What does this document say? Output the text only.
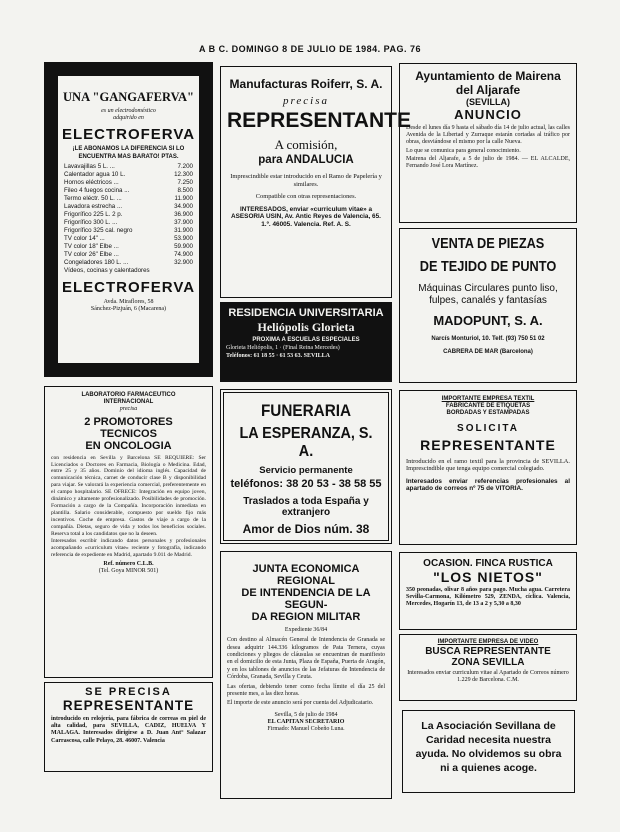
A B C. DOMINGO 8 DE JULIO DE 1984. PAG. 76
UNA "GANGAFERVA"
es un electrodoméstico
adquirido en
ELECTROFERVA
¡LE ABONAMOS LA DIFERENCIA SI LO ENCUENTRA MAS BARATO! PTAS.
Lavavajillas 5 L. ...	7.200
Calentador agua 10 L.	12.300
Hornos eléctricos ...	7.250
Fileo 4 fuegos cocina ...	8.500
Termo eléctr. 50 L. ...	11.900
Lavadora estrecha ...	34.900
Frigorífico 225 L. 2 p.	36.900
Frigorífico 300 L. ...	37.900
Frigorífico 325 cal. negro	31.900
TV color 14" ...	53.900
TV color 18" Elbe ...	59.900
TV color 26" Elbe ...	74.900
Congeladores 180 L. ...	32.900
Vídeos, cocinas y calentadores
ELECTROFERVA
Avda. Miraflores, 58
Sánchez-Pizjuán, 6 (Macarena)
Manufacturas Roiferr, S. A.
precisa
REPRESENTANTE
A comisión,
para ANDALUCIA
Imprescindible estar introducido en el Ramo de Papelería y similares.
Compatible con otras representaciones.
INTERESADOS, enviar «curriculum vitae» a ASESORIA USIN, Av. Antic Reyes de Valencia, 65. 1.º. 46005. Valencia. Ref. A. S.
RESIDENCIA UNIVERSITARIA
Heliópolis Glorieta
PROXIMA A ESCUELAS ESPECIALES
Glorieta Heliópolis, 1 · (Final Reina Mercedes)
Teléfonos: 61 18 55 · 61 53 63. SEVILLA
Ayuntamiento de Mairena
del Aljarafe
(SEVILLA)
ANUNCIO
Desde el lunes día 9 hasta el sábado día 14 de julio actual, las calles Avenida de la Libertad y Zurraque estarán cortadas al tráfico por obras, desviándose el mismo por la calle Nueva.
Lo que se comunica para general conocimiento.
Mairena del Aljarafe, a 5 de julio de 1984. — EL ALCALDE, Fernando José Lora Martínez.
VENTA DE PIEZAS
DE TEJIDO DE PUNTO
Máquinas Circulares punto liso, fulpes, canalés y fantasías
MADOPUNT, S. A.
Narcís Monturiol, 10. Telf. (93) 750 51 02
CABRERA DE MAR (Barcelona)
LABORATORIO FARMACEUTICO
INTERNACIONAL
precisa
2 PROMOTORES
TECNICOS
EN ONCOLOGIA
con residencia en Sevilla y Barcelona SE REQUIERE: Ser Licenciados o Doctores en Farmacia, Biología o Medicina. Edad, entre 25 y 35 años. Dominio del idioma inglés. Capacidad de comunicación técnica, carnet de conducir clase B y disponibilidad para viajar. Se valorará la experiencia comercial, preferentemente en el campo hospitalario. SE OFRECE: Integración en equipo joven, dinámico y altamente profesionalizado. Posibilidades de promoción. Formación a cargo de la Compañía. Incorporación inmediata en plantilla. Salario considerable, compuesto por sueldo fijo más incentivos. Coche de empresa. Gastos de viaje a cargo de la compañía. Dietas, seguro de vida y todos los beneficios sociales. Reserva total a los candidatos que no la deseen.
Interesados escribir indicando datos personales y profesionales acompañando «curriculum vitae» reciente y fotografía, indicando referencia de expediente en Madrid, apartado 9.011 de Madrid.
Ref. número C.L.B.
(Tel. Goya MINOR 501)
FUNERARIA
LA ESPERANZA, S. A.
Servicio permanente
teléfonos: 38 20 53 - 38 58 55
Traslados a toda España y
extranjero
Amor de Dios núm. 38
IMPORTANTE EMPRESA TEXTIL
FABRICANTE DE ETIQUETAS
BORDADAS Y ESTAMPADAS
SOLICITA
REPRESENTANTE
Introducido en el ramo textil para la provincia de SEVILLA. Imprescindible que tenga equipo comercial colegiado.
Interesados enviar referencias profesionales al apartado de correos nº 75 de VITORIA.
JUNTA ECONOMICA REGIONAL
DE INTENDENCIA DE LA SEGUN-
DA REGION MILITAR
Expediente 36/84
Con destino al Almacén General de Intendencia de Granada se desea adquirir 144.336 kilogramos de Pata Ternera, cuyas condiciones y pliegos de cláusulas se encuentran de manifiesto en el domicilio de esta Junta, Plaza de España, Puerta de Aragón, y en los tablones de anuncios de las Jefaturas de Intendencia de Córdoba, Granada, Sevilla y Ceuta.
Las ofertas, debiendo tener como fecha límite el día 25 del presente mes, a las diez horas.
El importe de este anuncio será por cuenta del Adjudicatario.
Sevilla, 5 de julio de 1984
EL CAPITAN SECRETARIO
Firmado: Manuel Cobeño Luna.
OCASION. FINCA RUSTICA
"LOS NIETOS"
350 peonadas, olivar 8 años para pago. Mucha agua. Carretera Sevilla-Carmona, Kilómetro 529, ZENDA, cíclica. Valencia, Mercedes, Hogarín 13, de 13 a 2 y 5,30 a 8,30
IMPORTANTE EMPRESA DE VIDEO
BUSCA REPRESENTANTE
ZONA SEVILLA
Interesados enviar curriculum vitae al Apartado de Correos número 1.229 de Barcelona. C.M.
SE PRECISA
REPRESENTANTE
introducido en relojería, para fábrica de correas en piel de alta calidad, para SEVILLA, CADIZ, HUELVA Y MALAGA. Interesados dirigirse a D. Juan Ant° Salazar Carrascosa, calle Pelayo, 28. 46007. Valencia
La Asociación Sevillana de Caridad necesita nuestra ayuda. No olvidemos su obra ni a quienes acoge.
